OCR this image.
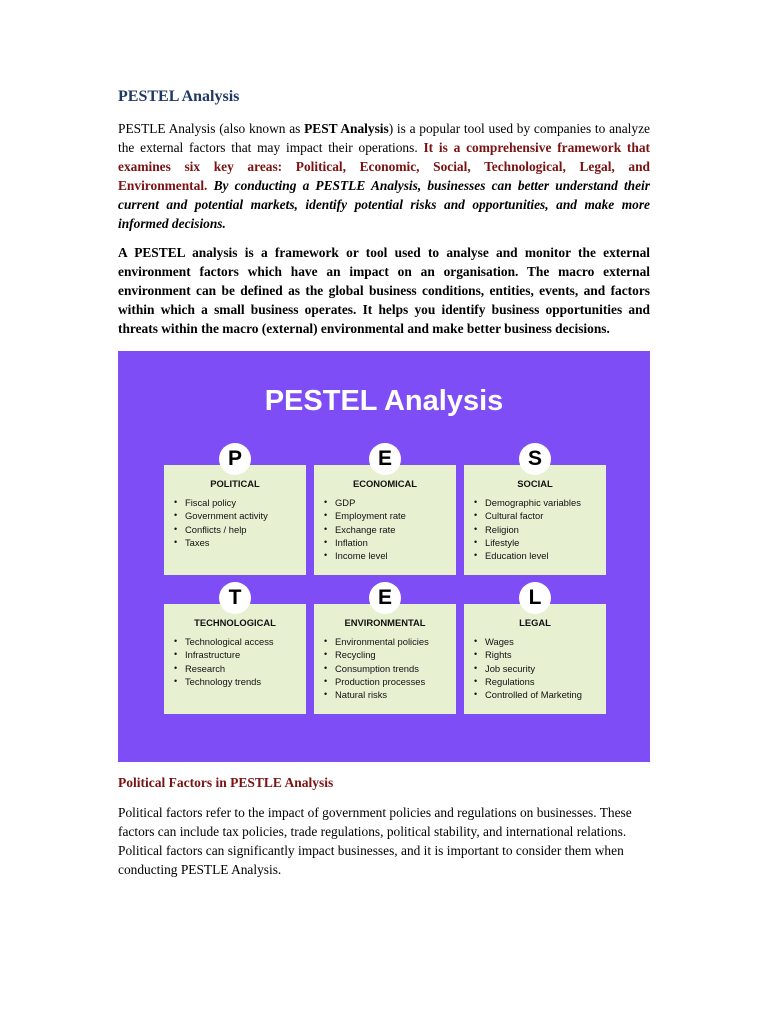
PESTEL Analysis

PESTLE Analysis (also known as PEST Analysis) is a popular tool used by companies to analyze the external factors that may impact their operations. It is a comprehensive framework that examines six key areas: Political, Economic, Social, Technological, Legal, and Environmental. By conducting a PESTLE Analysis, businesses can better understand their current and potential markets, identify potential risks and opportunities, and make more informed decisions.

A PESTEL analysis is a framework or tool used to analyse and monitor the external environment factors which have an impact on an organisation. The macro external environment can be defined as the global business conditions, entities, events, and factors within which a small business operates. It helps you identify business opportunities and threats within the macro (external) environmental and make better business decisions.

PESTEL Analysis
P
POLITICAL
• Fiscal policy
• Government activity
• Conflicts / help
• Taxes
E
ECONOMICAL
• GDP
• Employment rate
• Exchange rate
• Inflation
• Income level
S
SOCIAL
• Demographic variables
• Cultural factor
• Religion
• Lifestyle
• Education level
T
TECHNOLOGICAL
• Technological access
• Infrastructure
• Research
• Technology trends
E
ENVIRONMENTAL
• Environmental policies
• Recycling
• Consumption trends
• Production processes
• Natural risks
L
LEGAL
• Wages
• Rights
• Job security
• Regulations
• Controlled of Marketing
Political Factors in PESTLE Analysis

Political factors refer to the impact of government policies and regulations on businesses. These factors can include tax policies, trade regulations, political stability, and international relations. Political factors can significantly impact businesses, and it is important to consider them when conducting PESTLE Analysis.
